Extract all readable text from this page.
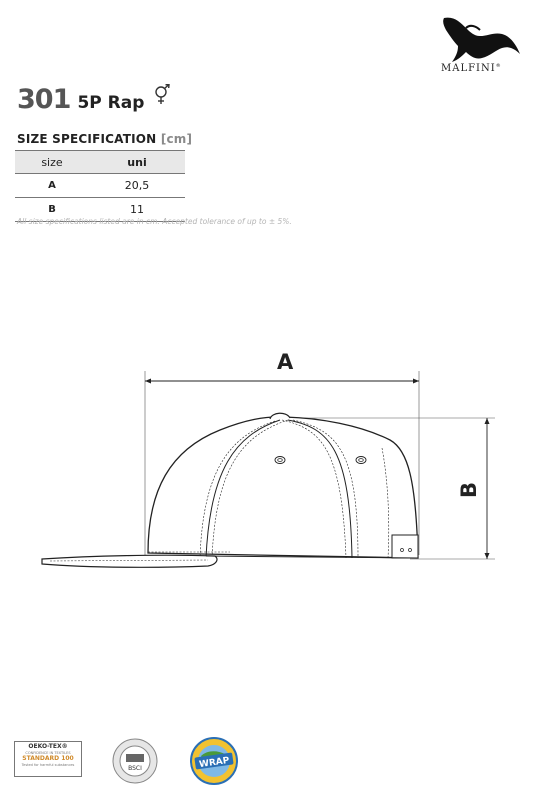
MALFINI®
301 5P Rap
SIZE SPECIFICATION [cm]
size	uni
A	20,5
B	11
All size specifications listed are in cm. Accepted tolerance of up to ± 5%.
A
B
OEKO-TEX®
CONFIDENCE IN TEXTILES
STANDARD 100
Tested for harmful substances	BSCI	WRAP
